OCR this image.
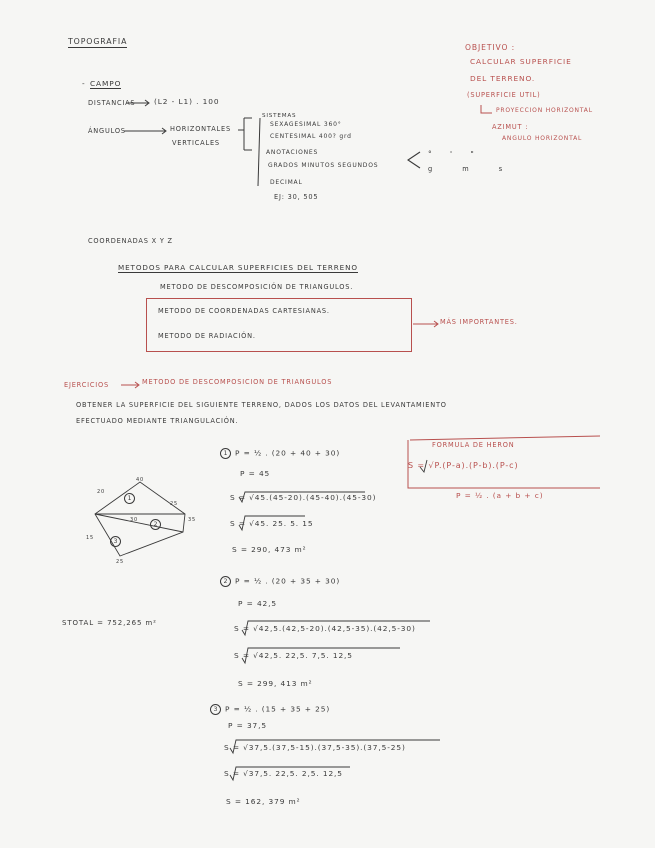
TOPOGRAFIA
OBJETIVO :
CALCULAR SUPERFICIE
DEL TERRENO.
(SUPERFICIE UTIL)
PROYECCION HORIZONTAL
AZIMUT :
ANGULO HORIZONTAL
- CAMPO
DISTANCIAS	(L2 - L1) . 100
ÁNGULOS	HORIZONTALES
VERTICALES
SISTEMAS
SEXAGESIMAL 360°
CENTESIMAL 400? grd
ANOTACIONES
GRADOS MINUTOS SEGUNDOS
° ' "
g m s
DECIMAL
EJ: 30, 505
COORDENADAS X Y Z
METODOS PARA CALCULAR SUPERFICIES DEL TERRENO
METODO DE DESCOMPOSICIÓN DE TRIANGULOS.
METODO DE COORDENADAS CARTESIANAS.
METODO DE RADIACIÓN.
MÁS IMPORTANTES.
EJERCICIOS	METODO DE DESCOMPOSICION DE TRIANGULOS
OBTENER LA SUPERFICIE DEL SIGUIENTE TERRENO, DADOS LOS DATOS DEL LEVANTAMIENTO
EFECTUADO MEDIANTE TRIANGULACIÓN.
FORMULA DE HERON
S = √P.(P-a).(P-b).(P-c)
P = ½ . (a + b + c)
20
40
35
25
15
30
25
1
2
3
STOTAL = 752,265 m²
1 P = ½ . (20 + 40 + 30)
P = 45
S = √45.(45-20).(45-40).(45-30)
S = √45. 25. 5. 15
S = 290, 473 m²
2 P = ½ . (20 + 35 + 30)
P = 42,5
S = √42,5.(42,5-20).(42,5-35).(42,5-30)
S = √42,5. 22,5. 7,5. 12,5
S = 299, 413 m²
3 P = ½ . (15 + 35 + 25)
P = 37,5
S = √37,5.(37,5-15).(37,5-35).(37,5-25)
S = √37,5. 22,5. 2,5. 12,5
S = 162, 379 m²
